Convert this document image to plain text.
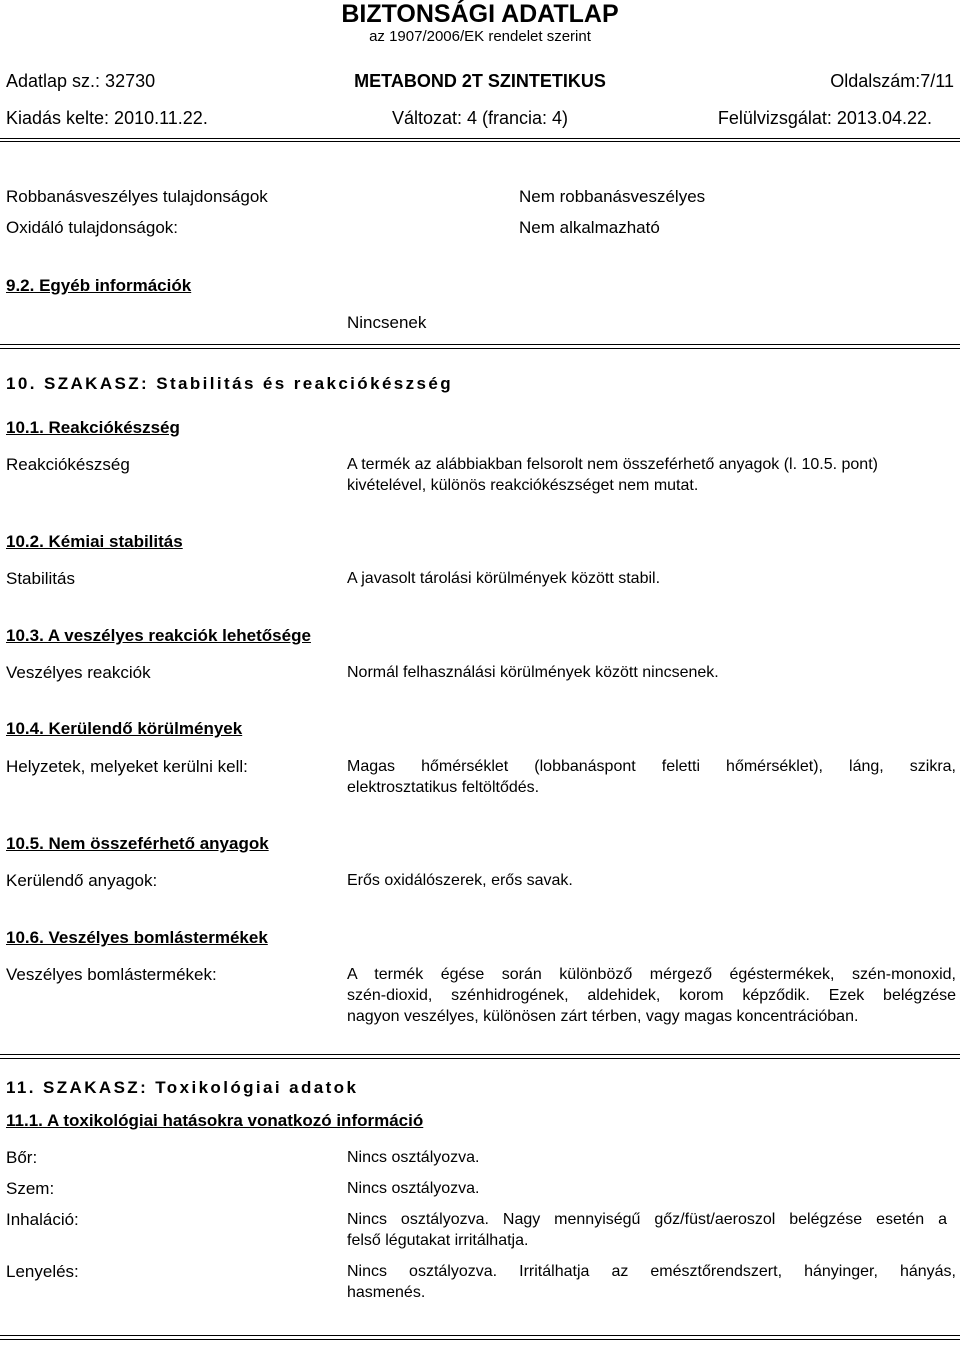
BIZTONSÁGI ADATLAP
az 1907/2006/EK rendelet szerint
Adatlap sz.: 32730	METABOND 2T SZINTETIKUS	Oldalszám:7/11
Kiadás kelte: 2010.11.22.	Változat: 4 (francia: 4)	Felülvizsgálat: 2013.04.22.
Robbanásveszélyes tulajdonságok	Nem robbanásveszélyes
Oxidáló tulajdonságok:	Nem alkalmazható
9.2. Egyéb információk
Nincsenek
10. SZAKASZ: Stabilitás és reakciókészség
10.1. Reakciókészség
Reakciókészség	A termék az alábbiakban felsorolt nem összeférhető anyagok (l. 10.5. pont)
kivételével, különös reakciókészséget nem mutat.
10.2. Kémiai stabilitás
Stabilitás	A javasolt tárolási körülmények között stabil.
10.3. A veszélyes reakciók lehetősége
Veszélyes reakciók	Normál felhasználási körülmények között nincsenek.
10.4. Kerülendő körülmények
Helyzetek, melyeket kerülni kell:	Magas hőmérséklet (lobbanáspont feletti hőmérséklet), láng, szikra,
elektrosztatikus feltöltődés.
10.5. Nem összeférhető anyagok
Kerülendő anyagok:	Erős oxidálószerek, erős savak.
10.6. Veszélyes bomlástermékek
Veszélyes bomlástermékek:	A termék égése során különböző mérgező égéstermékek, szén-monoxid,
szén-dioxid, szénhidrogének, aldehidek, korom képződik. Ezek belégzése
nagyon veszélyes, különösen zárt térben, vagy magas koncentrációban.
11. SZAKASZ: Toxikológiai adatok
11.1. A toxikológiai hatásokra vonatkozó információ
Bőr:	Nincs osztályozva.
Szem:	Nincs osztályozva.
Inhaláció:	Nincs osztályozva. Nagy mennyiségű gőz/füst/aeroszol belégzése esetén a
felső légutakat irritálhatja.
Lenyelés:	Nincs osztályozva. Irritálhatja az emésztőrendszert, hányinger, hányás,
hasmenés.
